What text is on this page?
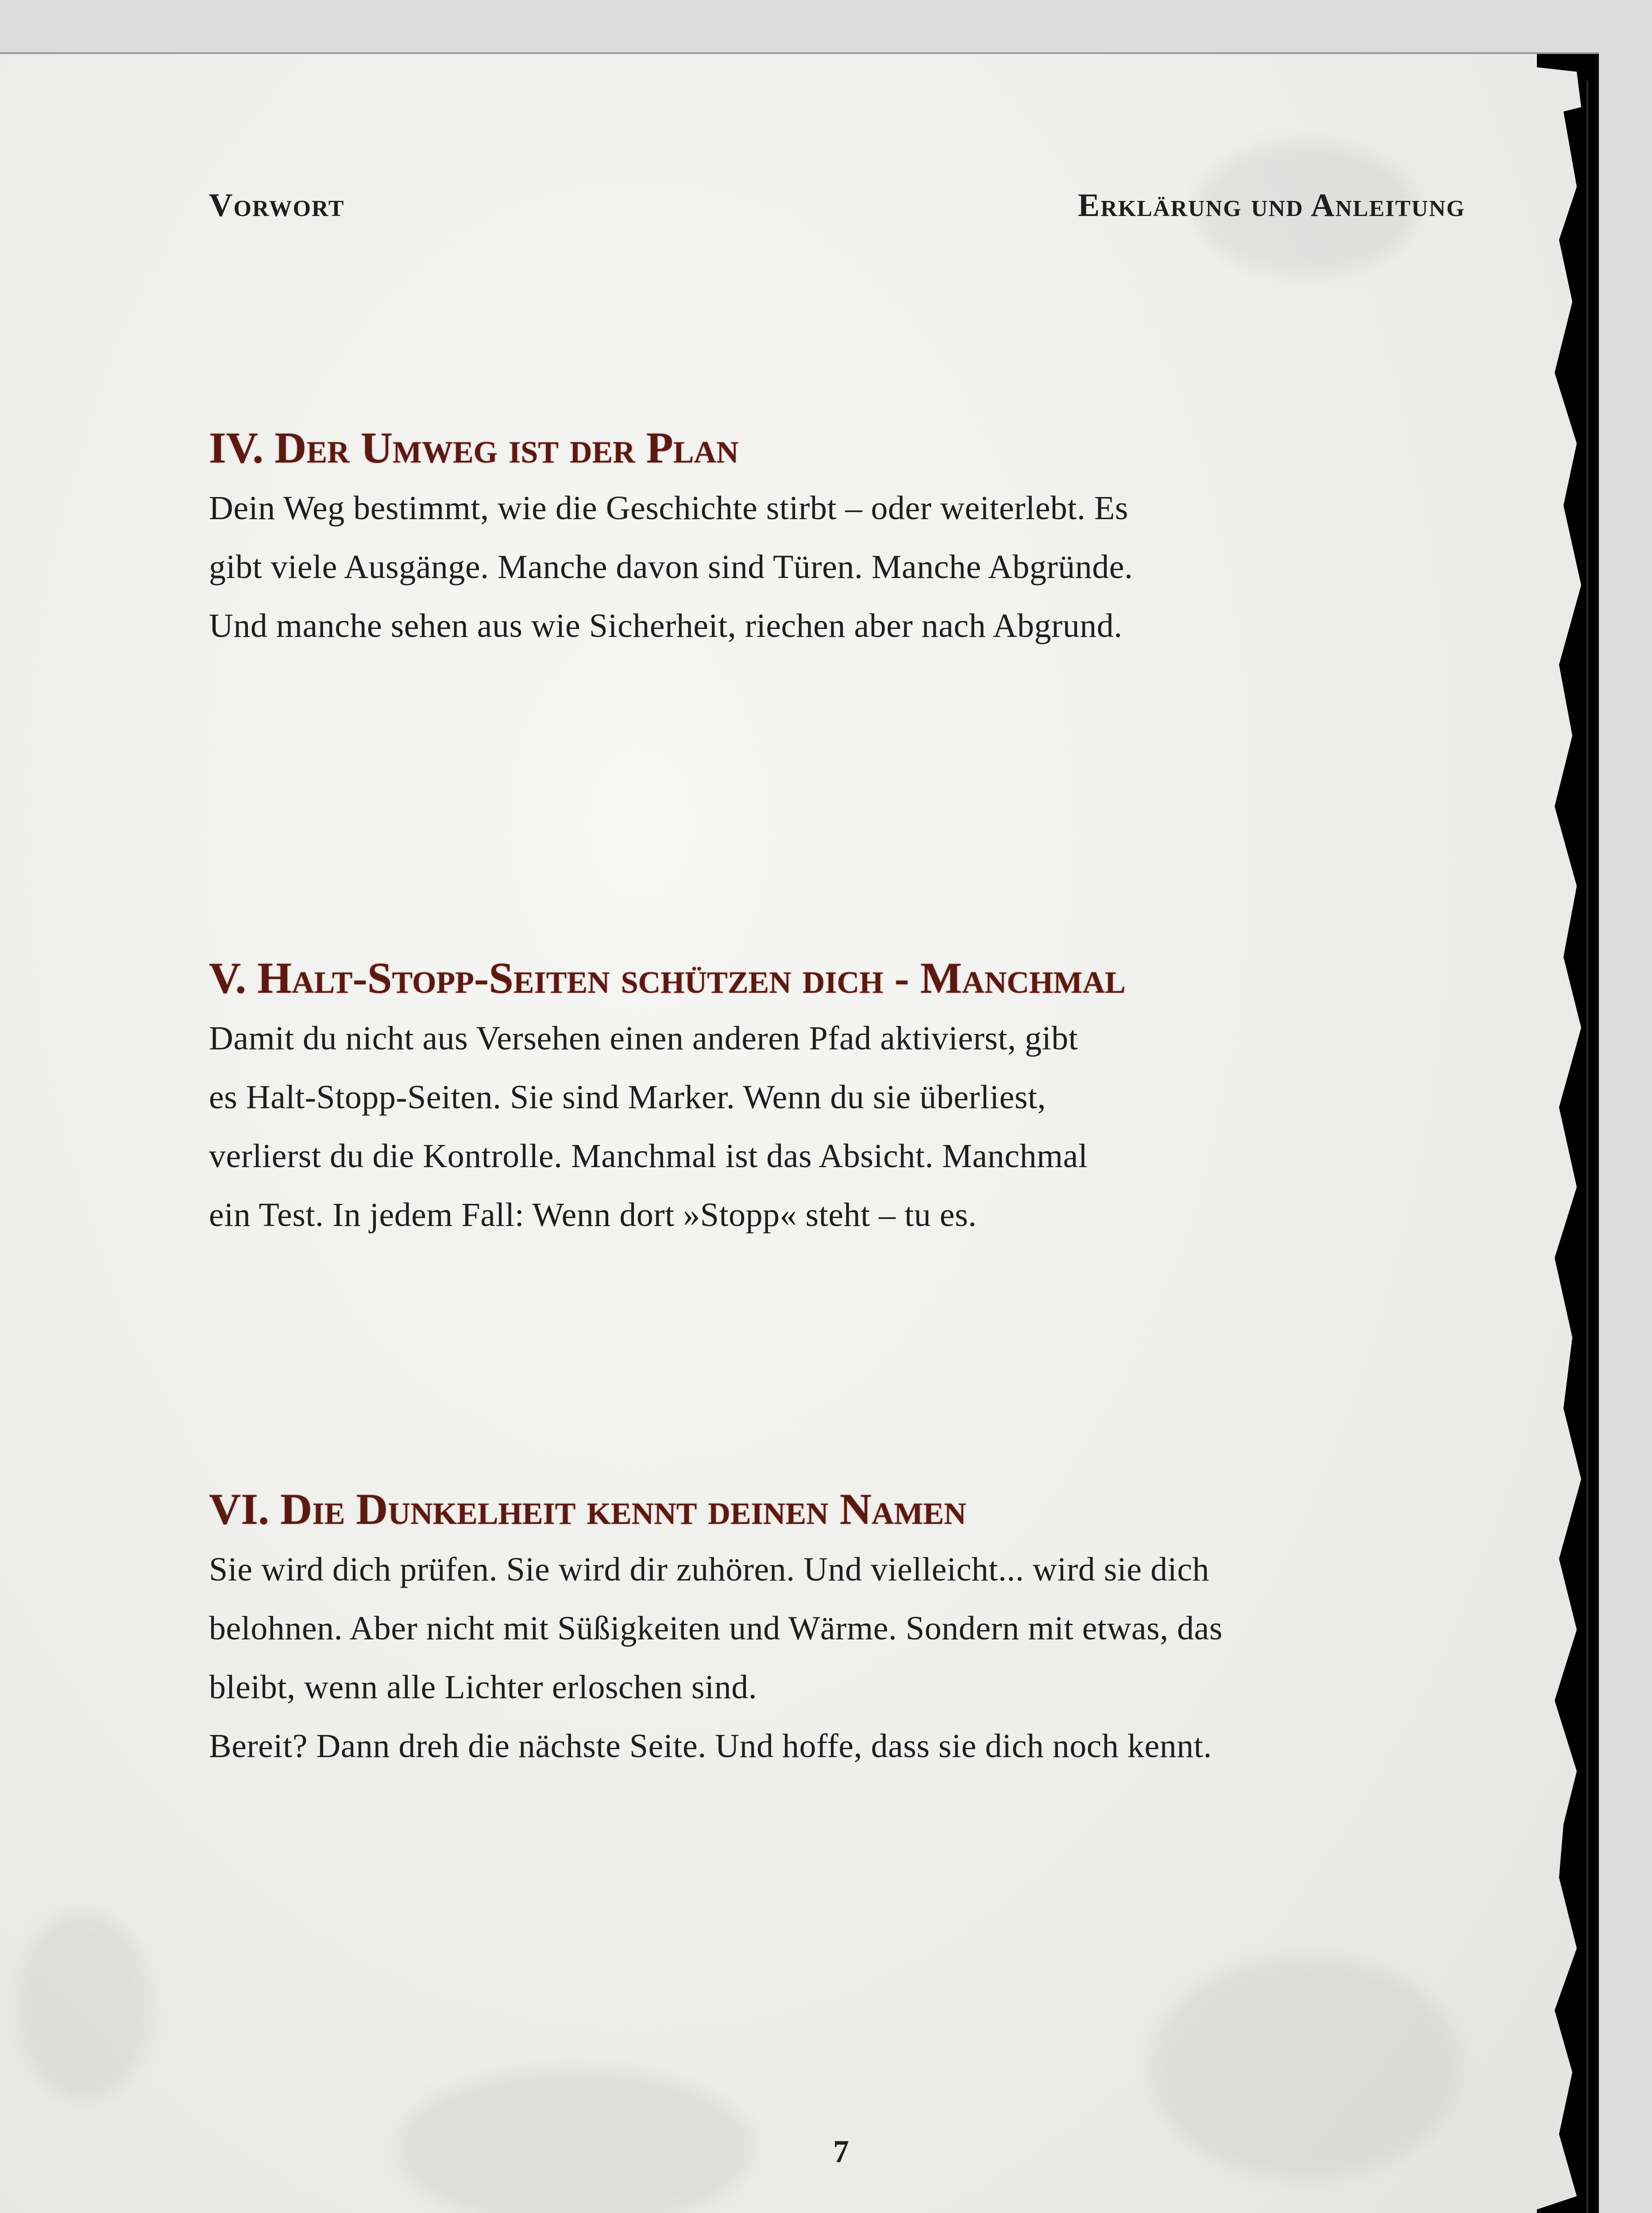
Vorwort	Erklärung und Anleitung
IV. Der Umweg ist der Plan

Dein Weg bestimmt, wie die Geschichte stirbt – oder weiterlebt. Es
gibt viele Ausgänge. Manche davon sind Türen. Manche Abgründe.
Und manche sehen aus wie Sicherheit, riechen aber nach Abgrund.

V. Halt-Stopp-Seiten schützen dich - Manchmal

Damit du nicht aus Versehen einen anderen Pfad aktivierst, gibt
es Halt-Stopp-Seiten. Sie sind Marker. Wenn du sie überliest,
verlierst du die Kontrolle. Manchmal ist das Absicht. Manchmal
ein Test. In jedem Fall: Wenn dort »Stopp« steht – tu es.

VI. Die Dunkelheit kennt deinen Namen

Sie wird dich prüfen. Sie wird dir zuhören. Und vielleicht... wird sie dich
belohnen. Aber nicht mit Süßigkeiten und Wärme. Sondern mit etwas, das
bleibt, wenn alle Lichter erloschen sind.
Bereit? Dann dreh die nächste Seite. Und hoffe, dass sie dich noch kennt.

7
